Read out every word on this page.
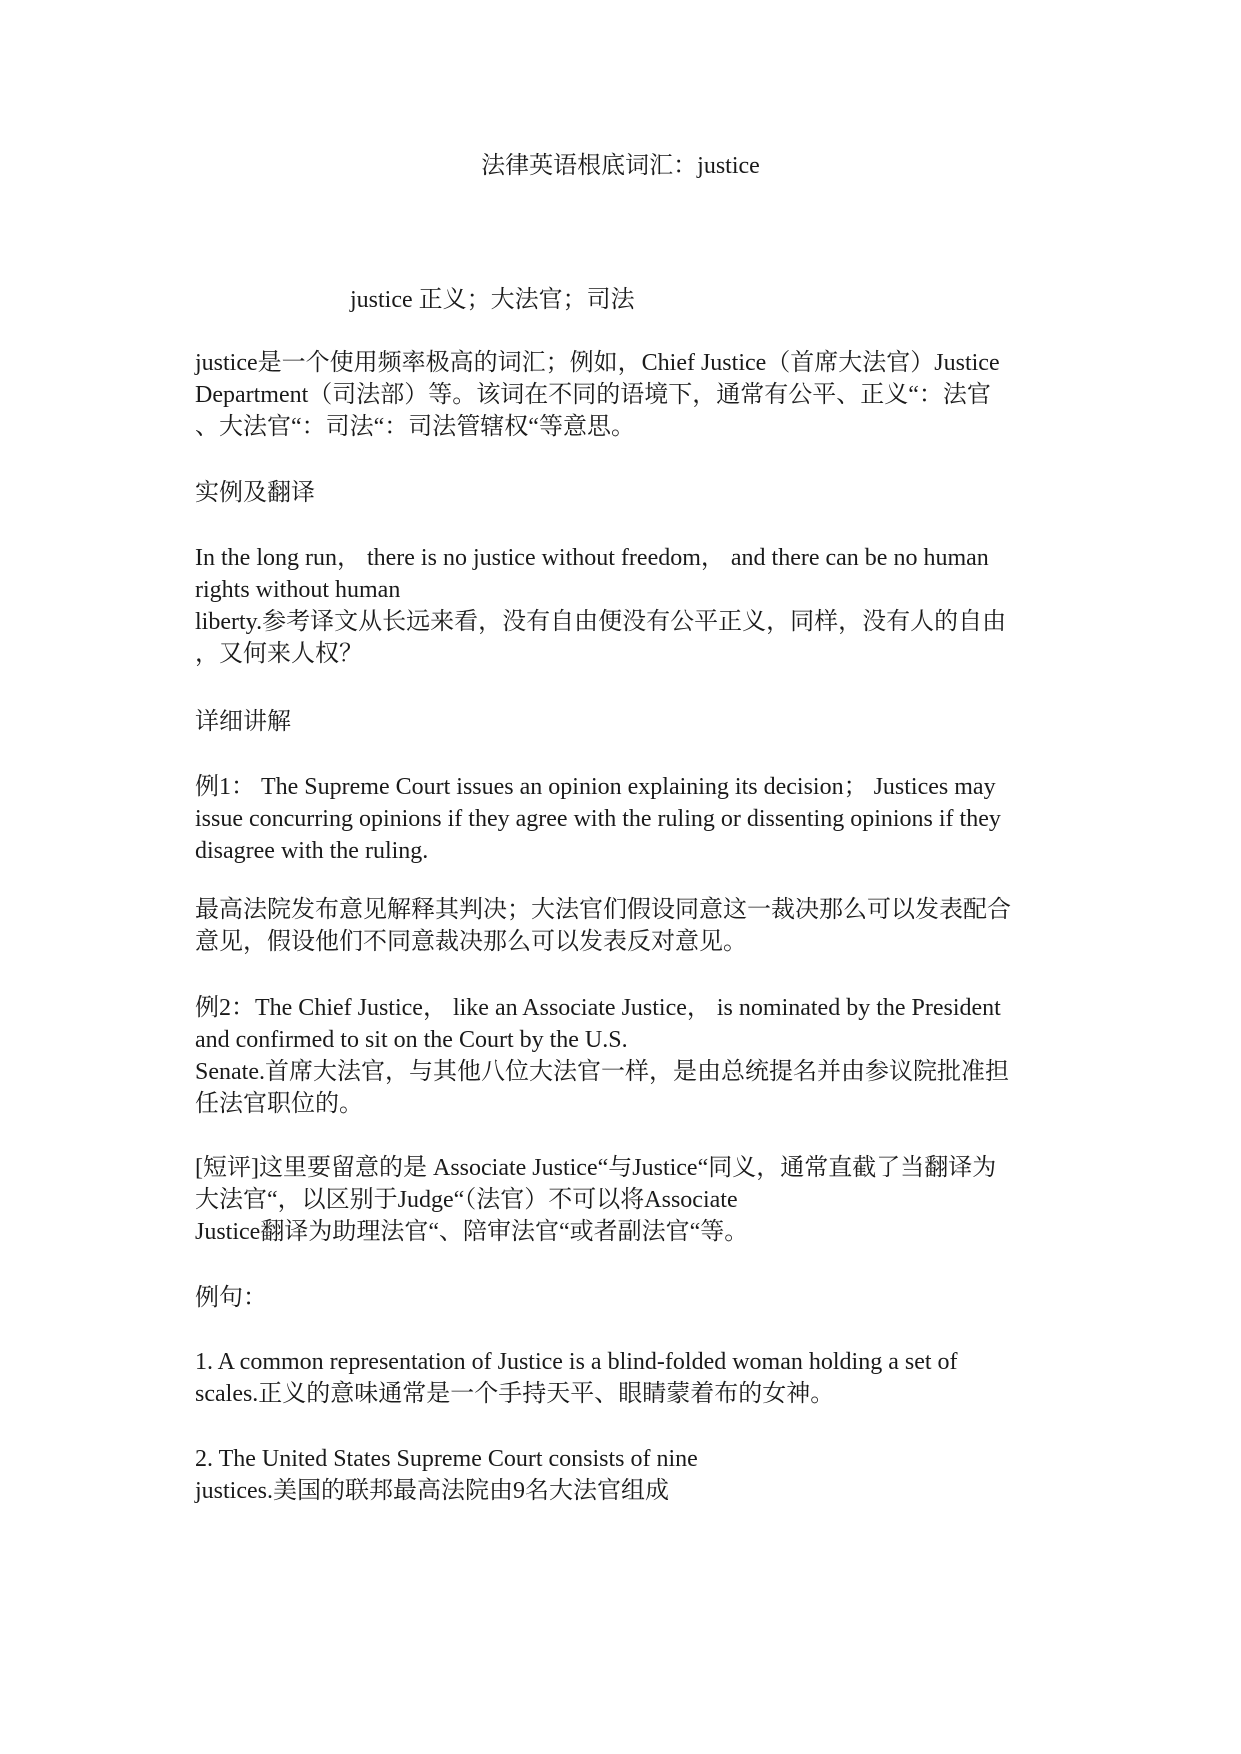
法律英语根底词汇：justice

justice 正义；大法官；司法

justice是一个使用频率极高的词汇；例如，Chief Justice（首席大法官）Justice
Department（司法部）等。该词在不同的语境下，通常有公平、正义“：法官
、大法官“：司法“：司法管辖权“等意思。

实例及翻译

In the long run， there is no justice without freedom， and there can be no human
rights without human
liberty.参考译文从长远来看，没有自由便没有公平正义，同样，没有人的自由
，又何来人权？

详细讲解

例1： The Supreme Court issues an opinion explaining its decision； Justices may
issue concurring opinions if they agree with the ruling or dissenting opinions if they
disagree with the ruling.

最高法院发布意见解释其判决；大法官们假设同意这一裁决那么可以发表配合
意见，假设他们不同意裁决那么可以发表反对意见。

例2：The Chief Justice， like an Associate Justice， is nominated by the President
and confirmed to sit on the Court by the U.S.
Senate.首席大法官，与其他八位大法官一样，是由总统提名并由参议院批准担
任法官职位的。

[短评]这里要留意的是 Associate Justice“与Justice“同义，通常直截了当翻译为
大法官“，以区别于Judge“（法官）不可以将Associate
Justice翻译为助理法官“、陪审法官“或者副法官“等。

例句：

1. A common representation of Justice is a blind-folded woman holding a set of
scales.正义的意味通常是一个手持天平、眼睛蒙着布的女神。

2. The United States Supreme Court consists of nine
justices.美国的联邦最高法院由9名大法官组成
